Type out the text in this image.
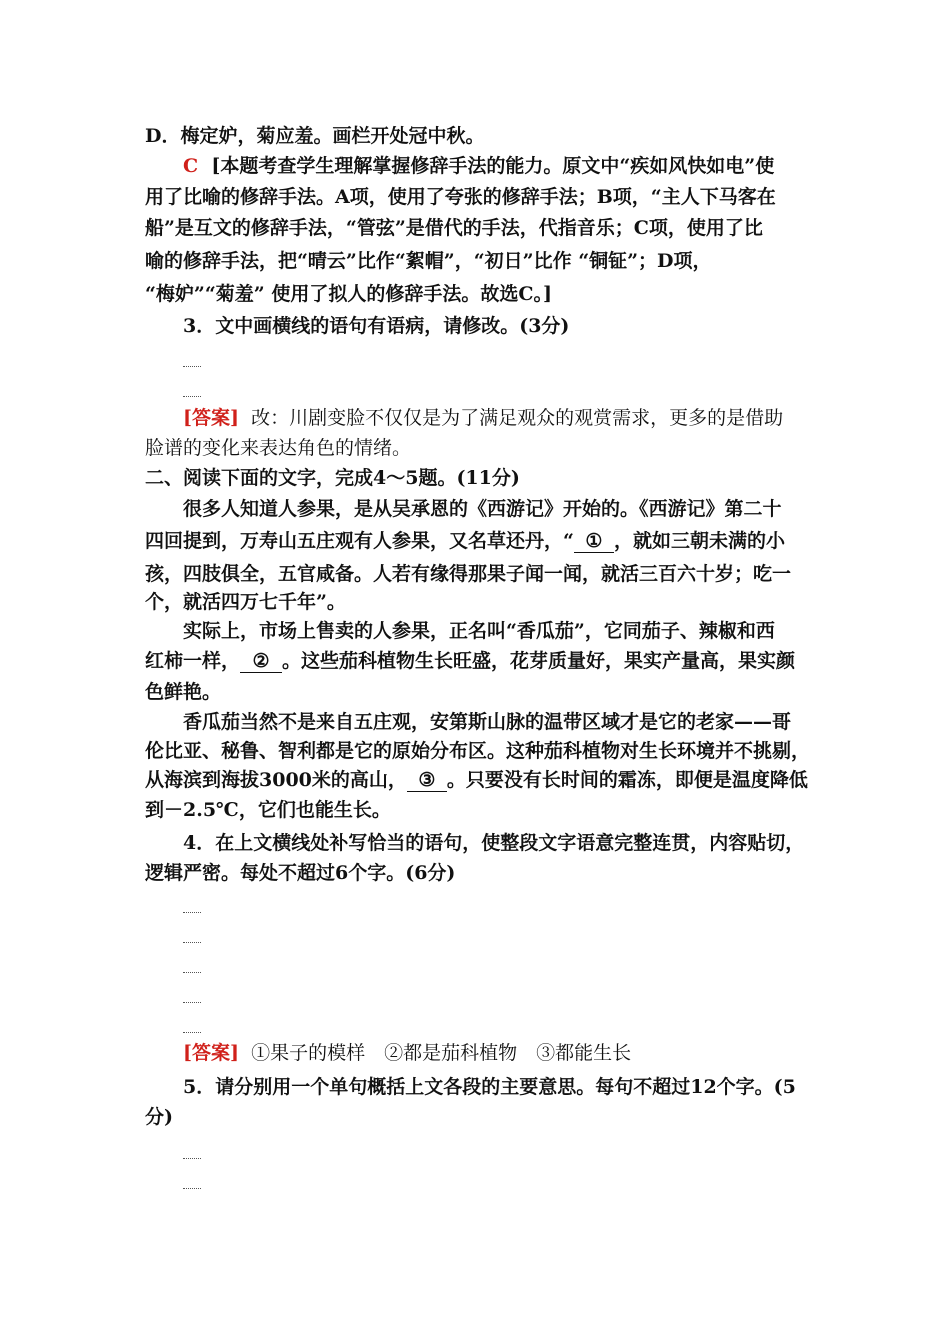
D．梅定妒，菊应羞。画栏开处冠中秋。
C [本题考查学生理解掌握修辞手法的能力。原文中“疾如风快如电”使
用了比喻的修辞手法。A项，使用了夸张的修辞手法；B项，“主人下马客在
船”是互文的修辞手法，“管弦”是借代的手法，代指音乐；C项，使用了比
喻的修辞手法，把“晴云”比作“絮帽”，“初日”比作 “铜钲”；D项，
“梅妒”“菊羞” 使用了拟人的修辞手法。故选C。]
3．文中画横线的语句有语病，请修改。(3分)
[答案] 改：川剧变脸不仅仅是为了满足观众的观赏需求，更多的是借助
脸谱的变化来表达角色的情绪。
二、阅读下面的文字，完成4～5题。(11分)
很多人知道人参果，是从吴承恩的《西游记》开始的。《西游记》第二十
四回提到，万寿山五庄观有人参果，又名草还丹，“ ① ，就如三朝未满的小
孩，四肢俱全，五官咸备。人若有缘得那果子闻一闻，就活三百六十岁；吃一
个，就活四万七千年”。
实际上，市场上售卖的人参果，正名叫“香瓜茄”，它同茄子、辣椒和西
红柿一样， ② 。这些茄科植物生长旺盛，花芽质量好，果实产量高，果实颜
色鲜艳。
香瓜茄当然不是来自五庄观，安第斯山脉的温带区域才是它的老家——哥
伦比亚、秘鲁、智利都是它的原始分布区。这种茄科植物对生长环境并不挑剔，
从海滨到海拔3000米的高山， ③ 。只要没有长时间的霜冻，即便是温度降低
到－2.5℃，它们也能生长。
4．在上文横线处补写恰当的语句，使整段文字语意完整连贯，内容贴切，
逻辑严密。每处不超过6个字。(6分)
[答案] ①果子的模样　②都是茄科植物　③都能生长
5．请分别用一个单句概括上文各段的主要意思。每句不超过12个字。(5
分)
